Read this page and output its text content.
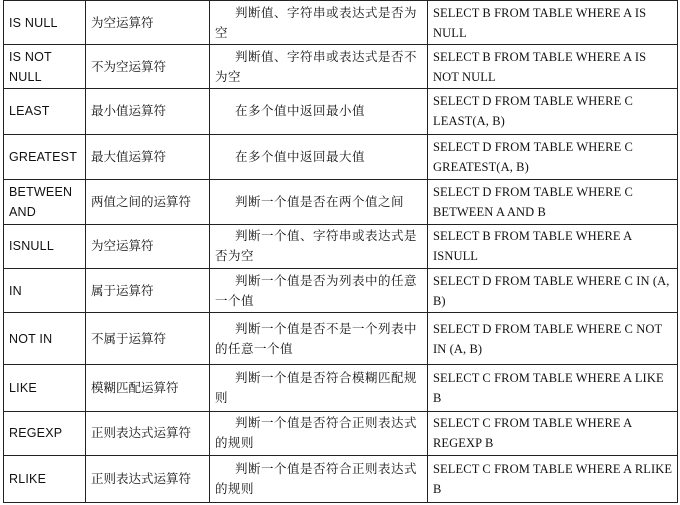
IS NULL	为空运算符	判断值、字符串或表达式是否为空	SELECT B FROM TABLE WHERE A IS NULL
IS NOT NULL	不为空运算符	判断值、字符串或表达式是否不为空	SELECT B FROM TABLE WHERE A IS NOT NULL
LEAST	最小值运算符	在多个值中返回最小值	SELECT D FROM TABLE WHERE C LEAST(A, B)
GREATEST	最大值运算符	在多个值中返回最大值	SELECT D FROM TABLE WHERE C GREATEST(A, B)
BETWEEN AND	两值之间的运算符	判断一个值是否在两个值之间	SELECT D FROM TABLE WHERE C BETWEEN A AND B
ISNULL	为空运算符	判断一个值、字符串或表达式是否为空	SELECT B FROM TABLE WHERE A ISNULL
IN	属于运算符	判断一个值是否为列表中的任意一个值	SELECT D FROM TABLE WHERE C IN (A, B)
NOT IN	不属于运算符	判断一个值是否不是一个列表中的任意一个值	SELECT D FROM TABLE WHERE C NOT IN (A, B)
LIKE	模糊匹配运算符	判断一个值是否符合模糊匹配规则	SELECT C FROM TABLE WHERE A LIKE B
REGEXP	正则表达式运算符	判断一个值是否符合正则表达式的规则	SELECT C FROM TABLE WHERE A REGEXP B
RLIKE	正则表达式运算符	判断一个值是否符合正则表达式的规则	SELECT C FROM TABLE WHERE A RLIKE B
